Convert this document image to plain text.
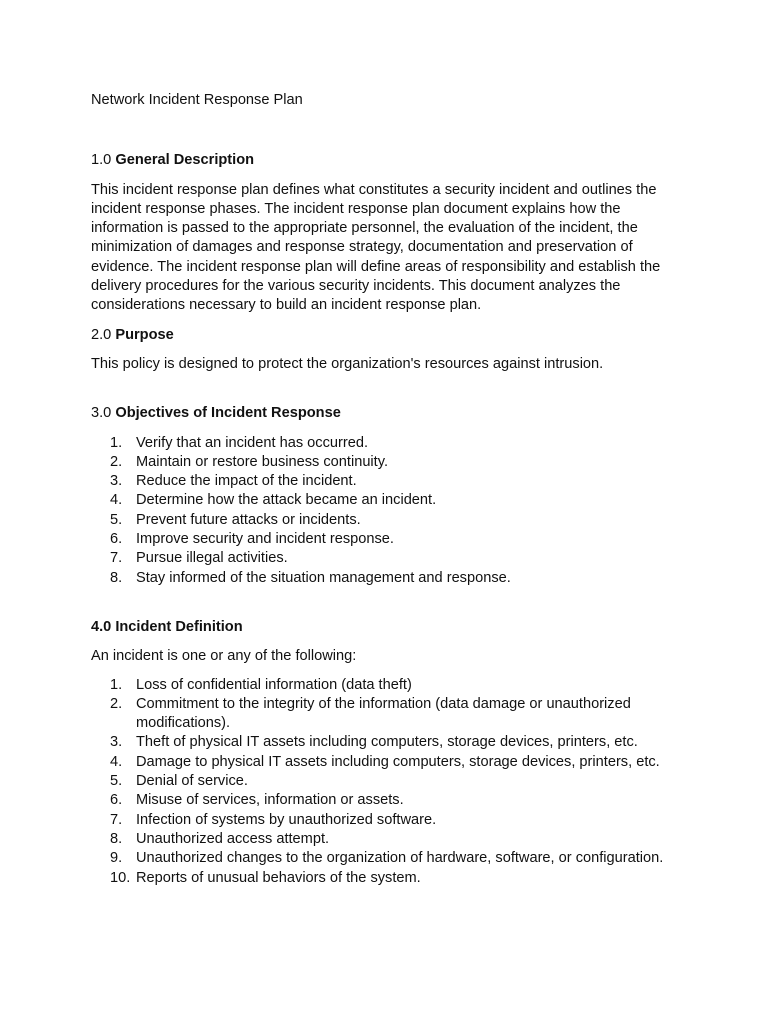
Network Incident Response Plan
1.0 General Description

This incident response plan defines what constitutes a security incident and outlines the incident response phases. The incident response plan document explains how the information is passed to the appropriate personnel, the evaluation of the incident, the minimization of damages and response strategy, documentation and preservation of evidence. The incident response plan will define areas of responsibility and establish the delivery procedures for the various security incidents. This document analyzes the considerations necessary to build an incident response plan.

2.0 Purpose

This policy is designed to protect the organization's resources against intrusion.

3.0 Objectives of Incident Response
1. Verify that an incident has occurred.
2. Maintain or restore business continuity.
3. Reduce the impact of the incident.
4. Determine how the attack became an incident.
5. Prevent future attacks or incidents.
6. Improve security and incident response.
7. Pursue illegal activities.
8. Stay informed of the situation management and response.
4.0 Incident Definition

An incident is one or any of the following:

1. Loss of confidential information (data theft)
2. Commitment to the integrity of the information (data damage or unauthorized modifications).
3. Theft of physical IT assets including computers, storage devices, printers, etc.
4. Damage to physical IT assets including computers, storage devices, printers, etc.
5. Denial of service.
6. Misuse of services, information or assets.
7. Infection of systems by unauthorized software.
8. Unauthorized access attempt.
9. Unauthorized changes to the organization of hardware, software, or configuration.
10. Reports of unusual behaviors of the system.
